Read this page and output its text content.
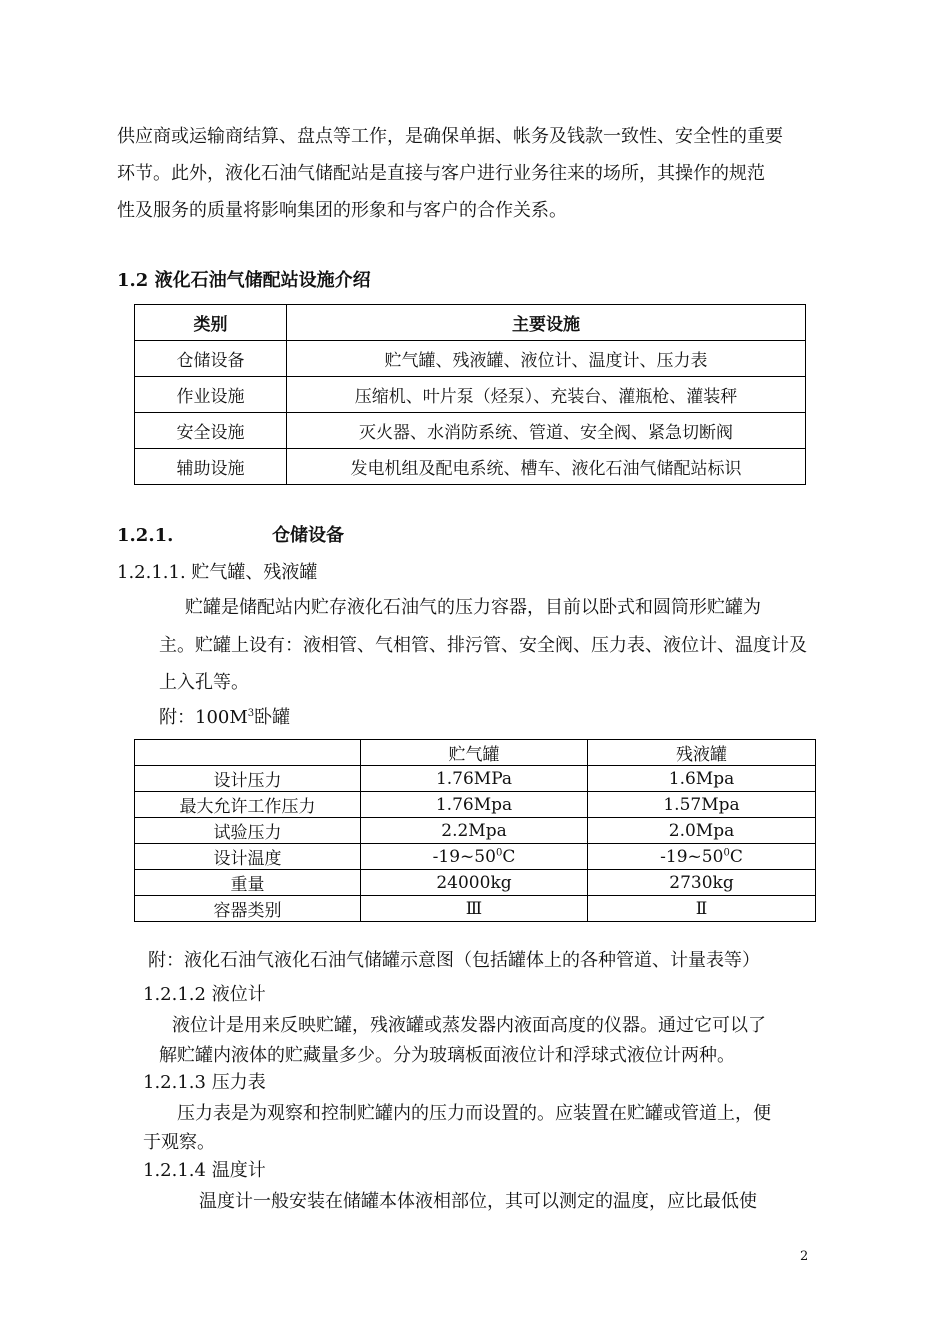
供应商或运输商结算、盘点等工作，是确保单据、帐务及钱款一致性、安全性的重要
环节。此外，液化石油气储配站是直接与客户进行业务往来的场所，其操作的规范
性及服务的质量将影响集团的形象和与客户的合作关系。
1.2 液化石油气储配站设施介绍
类别	主要设施
仓储设备	贮气罐、残液罐、液位计、温度计、压力表
作业设施	压缩机、叶片泵（烃泵）、充装台、灌瓶枪、灌装秤
安全设施	灭火器、水消防系统、管道、安全阀、紧急切断阀
辅助设施	发电机组及配电系统、槽车、液化石油气储配站标识
1.2.1.	仓储设备
1.2.1.1. 贮气罐、残液罐
贮罐是储配站内贮存液化石油气的压力容器，目前以卧式和圆筒形贮罐为
主。贮罐上设有：液相管、气相管、排污管、安全阀、压力表、液位计、温度计及
上入孔等。
附：$100M^3$卧罐
	贮气罐	残液罐
设计压力	1.76MPa	1.6Mpa
最大允许工作压力	1.76Mpa	1.57Mpa
试验压力	2.2Mpa	2.0Mpa
设计温度	$-19\sim 50^0C$	$-19\sim 50^0C$
重量	24000kg	2730kg
容器类别	Ⅲ	Ⅱ
附：液化石油气液化石油气储罐示意图（包括罐体上的各种管道、计量表等）
1.2.1.2 液位计
液位计是用来反映贮罐，残液罐或蒸发器内液面高度的仪器。通过它可以了
解贮罐内液体的贮藏量多少。分为玻璃板面液位计和浮球式液位计两种。
1.2.1.3 压力表
压力表是为观察和控制贮罐内的压力而设置的。应装置在贮罐或管道上，便
于观察。
1.2.1.4 温度计
温度计一般安装在储罐本体液相部位，其可以测定的温度，应比最低使
2
